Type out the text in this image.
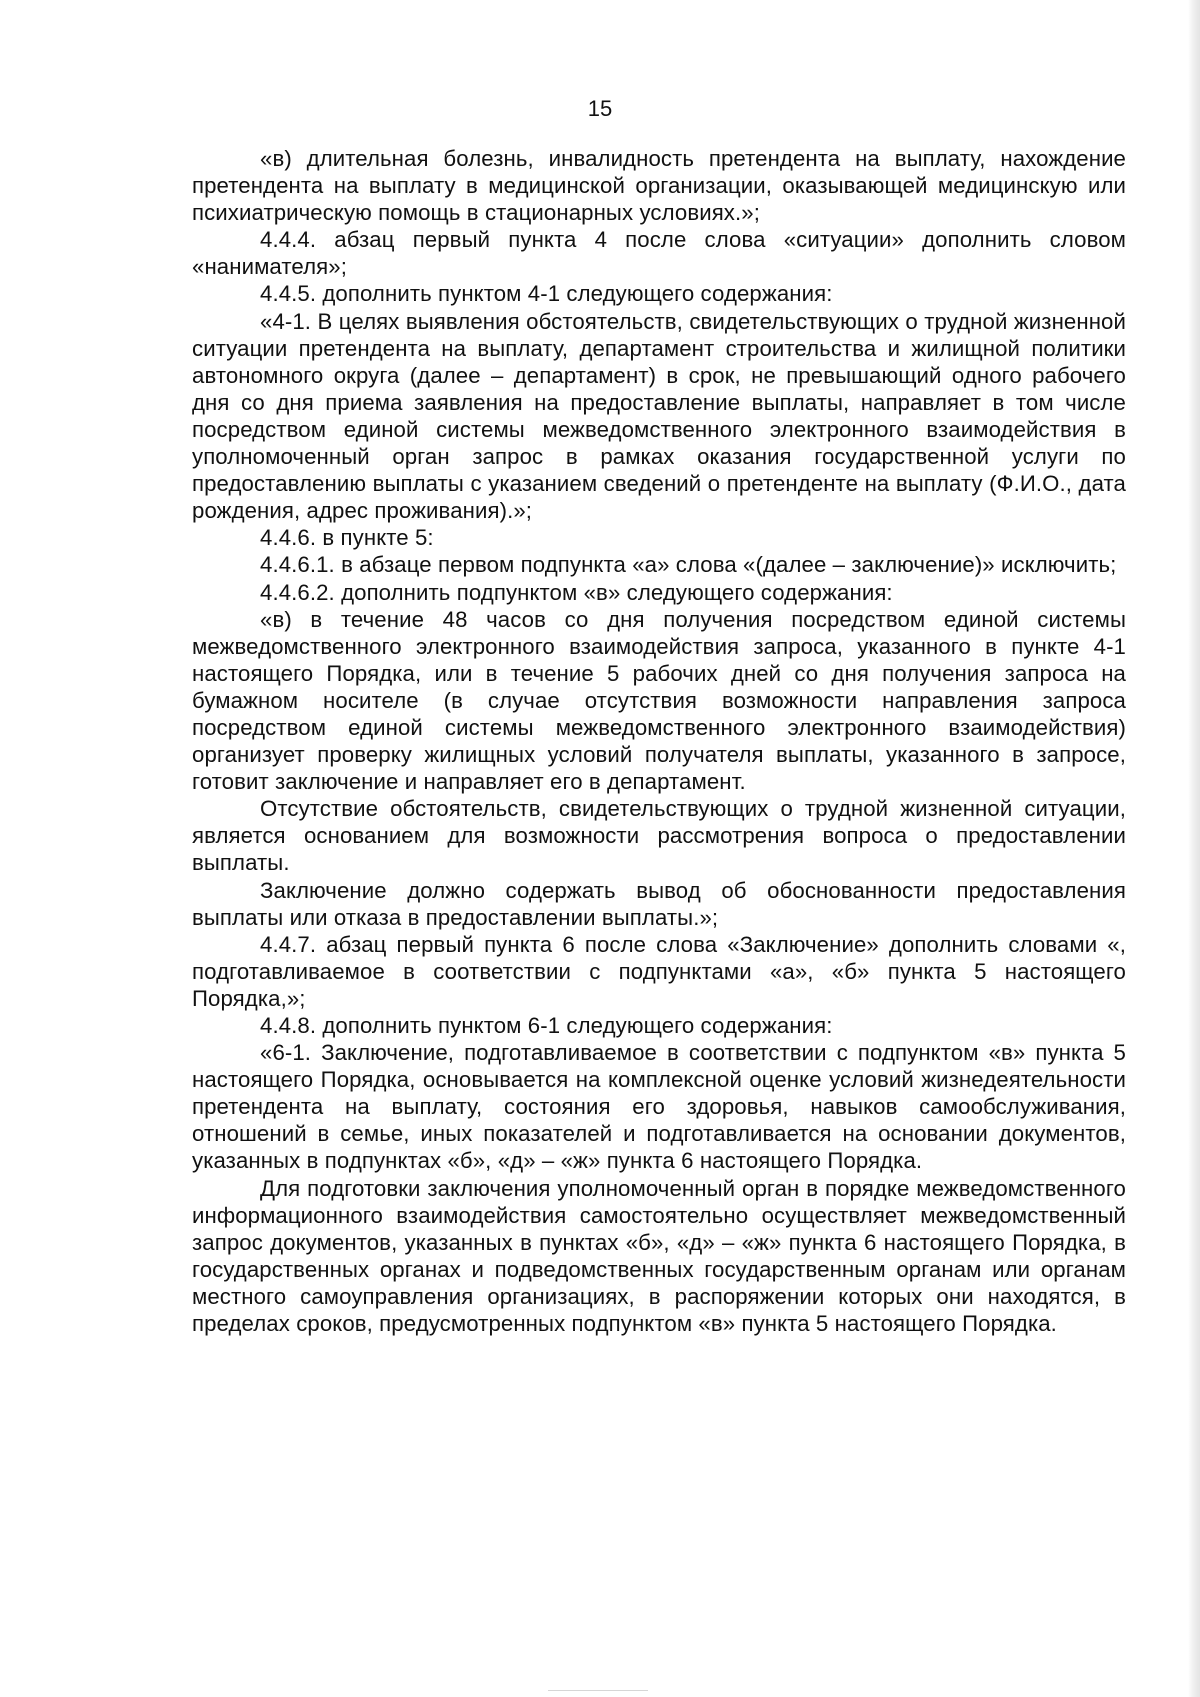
15

«в) длительная болезнь, инвалидность претендента на выплату, нахождение претендента на выплату в медицинской организации, оказывающей медицинскую или психиатрическую помощь в стационарных условиях.»;

4.4.4. абзац первый пункта 4 после слова «ситуации» дополнить словом «нанимателя»;

4.4.5. дополнить пунктом 4-1 следующего содержания:

«4-1. В целях выявления обстоятельств, свидетельствующих о трудной жизненной ситуации претендента на выплату, департамент строительства и жилищной политики автономного округа (далее – департамент) в срок, не превышающий одного рабочего дня со дня приема заявления на предоставление выплаты, направляет в том числе посредством единой системы межведомственного электронного взаимодействия в уполномоченный орган запрос в рамках оказания государственной услуги по предоставлению выплаты с указанием сведений о претенденте на выплату (Ф.И.О., дата рождения, адрес проживания).»;

4.4.6. в пункте 5:

4.4.6.1. в абзаце первом подпункта «а» слова «(далее – заключение)» исключить;

4.4.6.2. дополнить подпунктом «в» следующего содержания:

«в) в течение 48 часов со дня получения посредством единой системы межведомственного электронного взаимодействия запроса, указанного в пункте 4-1 настоящего Порядка, или в течение 5 рабочих дней со дня получения запроса на бумажном носителе (в случае отсутствия возможности направления запроса посредством единой системы межведомственного электронного взаимодействия) организует проверку жилищных условий получателя выплаты, указанного в запросе, готовит заключение и направляет его в департамент.

Отсутствие обстоятельств, свидетельствующих о трудной жизненной ситуации, является основанием для возможности рассмотрения вопроса о предоставлении выплаты.

Заключение должно содержать вывод об обоснованности предоставления выплаты или отказа в предоставлении выплаты.»;

4.4.7. абзац первый пункта 6 после слова «Заключение» дополнить словами «, подготавливаемое в соответствии с подпунктами «а», «б» пункта 5 настоящего Порядка,»;

4.4.8. дополнить пунктом 6-1 следующего содержания:

«6-1. Заключение, подготавливаемое в соответствии с подпунктом «в» пункта 5 настоящего Порядка, основывается на комплексной оценке условий жизнедеятельности претендента на выплату, состояния его здоровья, навыков самообслуживания, отношений в семье, иных показателей и подготавливается на основании документов, указанных в подпунктах «б», «д» – «ж» пункта 6 настоящего Порядка.

Для подготовки заключения уполномоченный орган в порядке межведомственного информационного взаимодействия самостоятельно осуществляет межведомственный запрос документов, указанных в пунктах «б», «д» – «ж» пункта 6 настоящего Порядка, в государственных органах и подведомственных государственным органам или органам местного самоуправления организациях, в распоряжении которых они находятся, в пределах сроков, предусмотренных подпунктом «в» пункта 5 настоящего Порядка.
